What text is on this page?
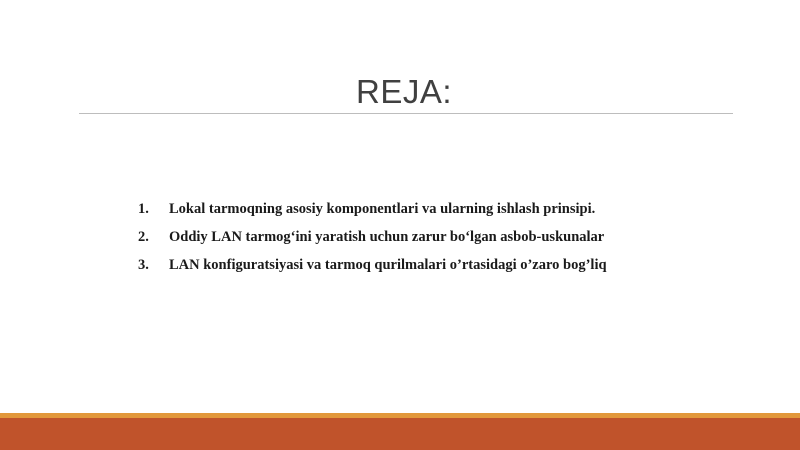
REJA:
1. Lokal tarmoqning asosiy komponentlari va ularning ishlash prinsipi.
2. Oddiy LAN tarmog‘ini yaratish uchun zarur bo‘lgan asbob-uskunalar
3. LAN konfiguratsiyasi va tarmoq qurilmalari o’rtasidagi o’zaro bog’liq
